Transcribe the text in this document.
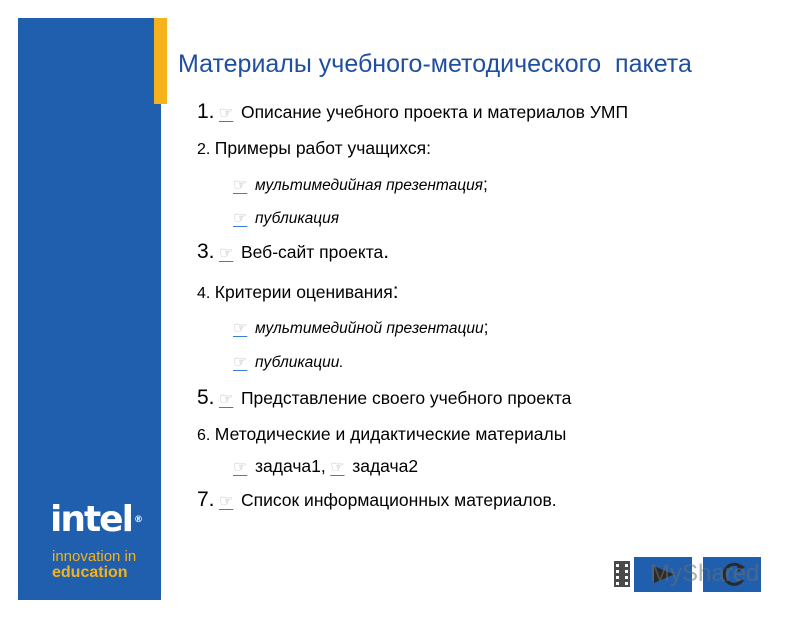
intel ®
innovation in
education
Материалы учебного-методического  пакета
1. ☞ Описание учебного проекта и материалов УМП
2. Примеры работ учащихся:
☞ мультимедийная презентация;
☞ публикация
3. ☞ Веб-сайт проекта.
4. Критерии оценивания:
☞ мультимедийной презентации;
☞ публикации.
5. ☞ Представление своего учебного проекта
6. Методические и дидактические материалы
☞ задача1, ☞ задача2
7. ☞ Список информационных материалов.
MyShared
